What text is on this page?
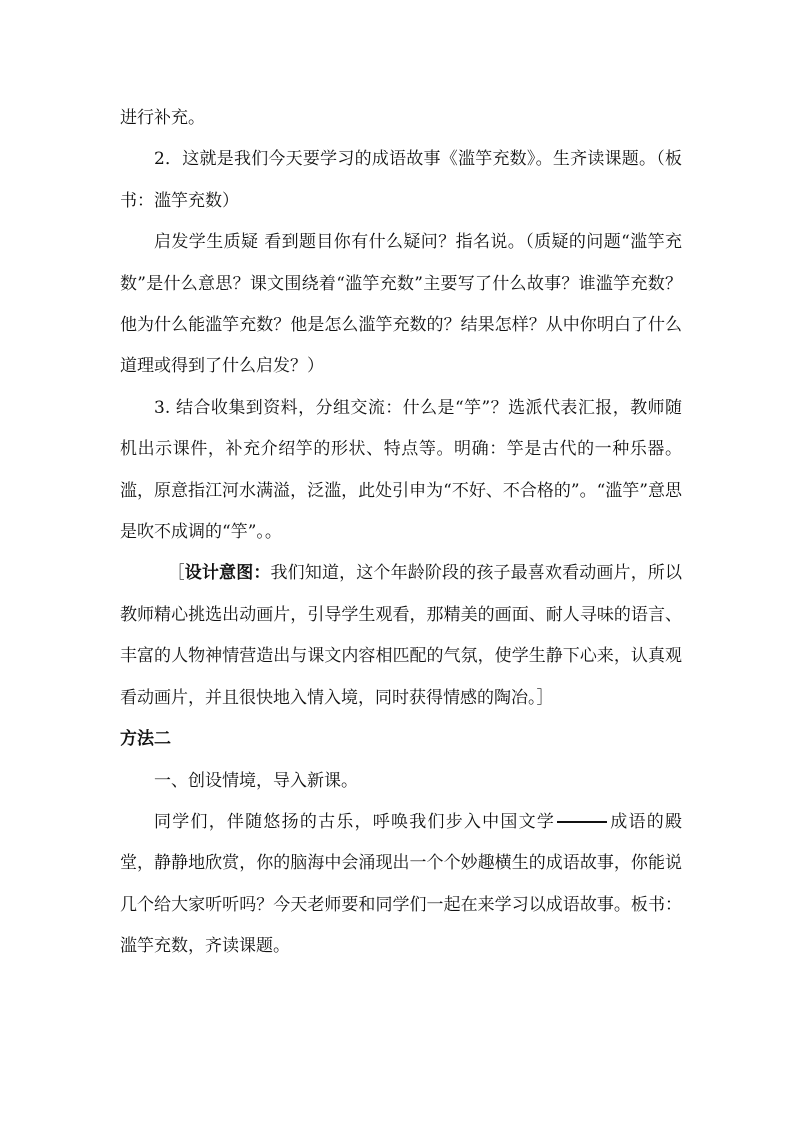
进行补充。

2．这就是我们今天要学习的成语故事《滥竽充数》。生齐读课题。（板书：滥竽充数）

启发学生质疑 看到题目你有什么疑问？指名说。（质疑的问题“滥竽充数”是什么意思？课文围绕着“滥竽充数”主要写了什么故事？谁滥竽充数？他为什么能滥竽充数？他是怎么滥竽充数的？结果怎样？从中你明白了什么道理或得到了什么启发？）

3. 结合收集到资料，分组交流：什么是“竽”？选派代表汇报，教师随机出示课件，补充介绍竽的形状、特点等。明确：竽是古代的一种乐器。滥，原意指江河水满溢，泛滥，此处引申为“不好、不合格的”。“滥竽”意思是吹不成调的“竽”。。

［设计意图：我们知道，这个年龄阶段的孩子最喜欢看动画片，所以教师精心挑选出动画片，引导学生观看，那精美的画面、耐人寻味的语言、丰富的人物神情营造出与课文内容相匹配的气氛，使学生静下心来，认真观看动画片，并且很快地入情入境，同时获得情感的陶冶。］

方法二

一、创设情境，导入新课。

同学们，伴随悠扬的古乐，呼唤我们步入中国文学	成语的殿堂，静静地欣赏，你的脑海中会涌现出一个个妙趣横生的成语故事，你能说几个给大家听听吗？今天老师要和同学们一起在来学习以成语故事。板书：滥竽充数，齐读课题。
